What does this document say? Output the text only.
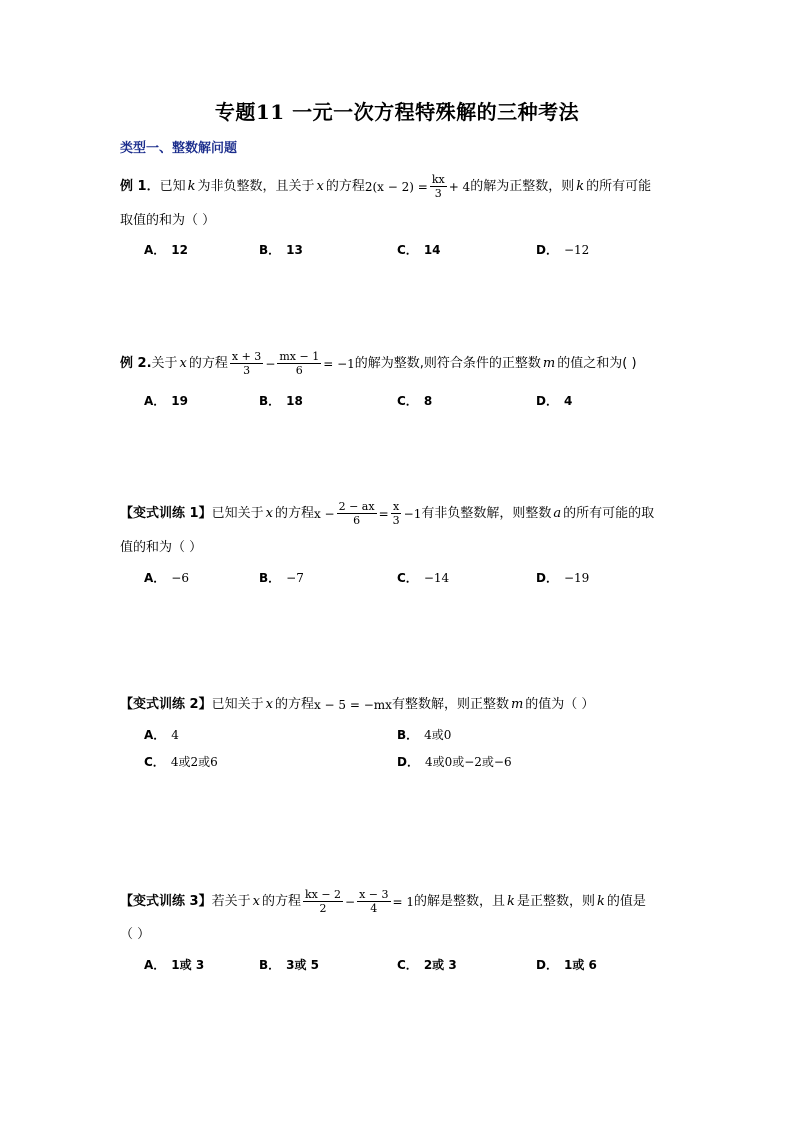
专题11 一元一次方程特殊解的三种考法
类型一、整数解问题
例 1． 已知 k 为非负整数，且关于 x 的方程 $2(x - 2) = \frac{kx}{3} + 4$ 的解为正整数，则 k 的所有可能
取值的和为（ ）
A． 12	B． 13	C． 14	D． −12
例 2. 关于 x 的方程 $\frac{x + 3}{3} - \frac{mx - 1}{6} = -1$ 的解为整数,则符合条件的正整数 m 的值之和为( )
A． 19	B． 18	C． 8	D． 4
【变式训练 1】 已知关于 x 的方程 $x - \frac{2 - ax}{6} = \frac{x}{3} -1$ 有非负整数解，则整数 a 的所有可能的取
值的和为（ ）
A． −6	B． −7	C． −14	D． −19
【变式训练 2】 已知关于 x 的方程 x − 5 = −mx 有整数解，则正整数 m 的值为（ ）
A． 4	B． 4或0
C． 4或2或6	D． 4或0或−2或−6
【变式训练 3】 若关于 x 的方程 $\frac{kx - 2}{2} - \frac{x - 3}{4} = 1$ 的解是整数，且 k 是正整数，则 k 的值是
（ ）
A． 1或 3	B． 3或 5	C． 2或 3	D． 1或 6
